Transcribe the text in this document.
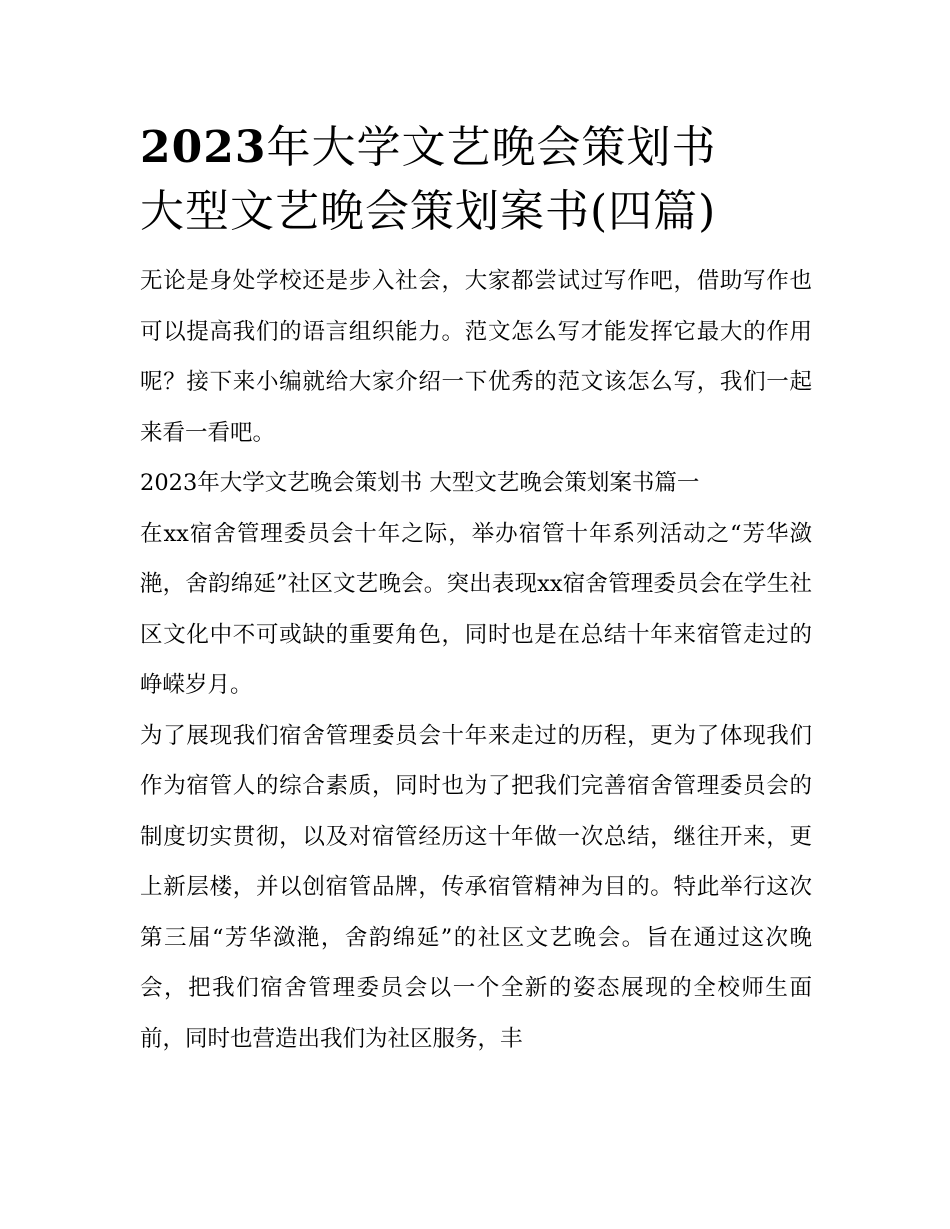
2023年大学文艺晚会策划书
大型文艺晚会策划案书(四篇)

无论是身处学校还是步入社会，大家都尝试过写作吧，借助写作也可以提高我们的语言组织能力。范文怎么写才能发挥它最大的作用呢？接下来小编就给大家介绍一下优秀的范文该怎么写，我们一起来看一看吧。

2023年大学文艺晚会策划书 大型文艺晚会策划案书篇一

在xx宿舍管理委员会十年之际，举办宿管十年系列活动之“芳华潋滟，舍韵绵延”社区文艺晚会。突出表现xx宿舍管理委员会在学生社区文化中不可或缺的重要角色，同时也是在总结十年来宿管走过的峥嵘岁月。

为了展现我们宿舍管理委员会十年来走过的历程，更为了体现我们作为宿管人的综合素质，同时也为了把我们完善宿舍管理委员会的制度切实贯彻，以及对宿管经历这十年做一次总结，继往开来，更上新层楼，并以创宿管品牌，传承宿管精神为目的。特此举行这次第三届“芳华潋滟，舍韵绵延”的社区文艺晚会。旨在通过这次晚会，把我们宿舍管理委员会以一个全新的姿态展现的全校师生面前，同时也营造出我们为社区服务，丰
